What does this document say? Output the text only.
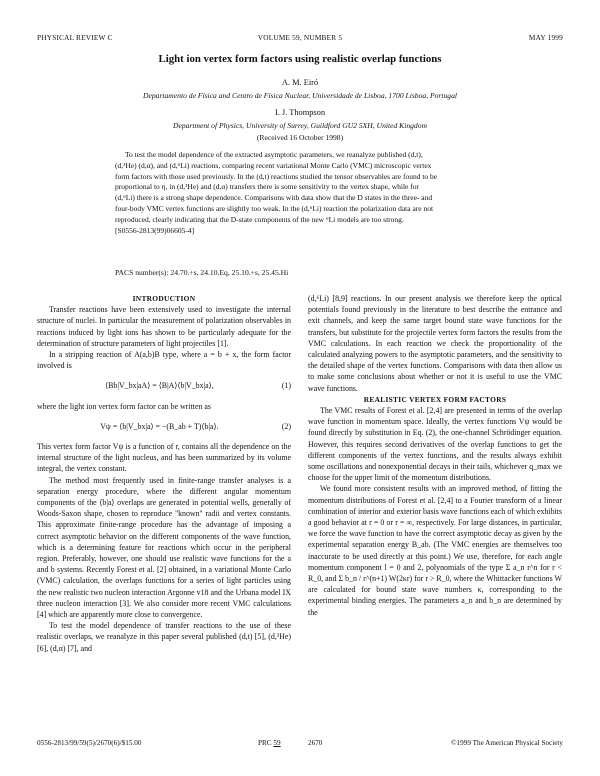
PHYSICAL REVIEW C	VOLUME 59, NUMBER 5	MAY 1999
Light ion vertex form factors using realistic overlap functions
A. M. Eiró
Departamento de Física and Centro de Física Nuclear, Universidade de Lisboa, 1700 Lisboa, Portugal
I. J. Thompson
Department of Physics, University of Surrey, Guildford GU2 5XH, United Kingdom
(Received 16 October 1998)
To test the model dependence of the extracted asymptotic parameters, we reanalyze published (d,t),
(d,³He) (d,α), and (d,⁶Li) reactions, comparing recent variational Monte Carlo (VMC) microscopic vertex
form factors with those used previously. In the (d,t) reactions studied the tensor observables are found to be
proportional to η, in (d,³He) and (d,α) transfers there is some sensitivity to the vertex shape, while for
(d,⁶Li) there is a strong shape dependence. Comparisons with data show that the D states in the three- and
four-body VMC vertex functions are slightly too weak. In the (d,⁶Li) reaction the polarization data are not
reproduced, clearly indicating that the D-state components of the new ⁶Li models are too strong.
[S0556-2813(99)06605-4]
PACS number(s): 24.70.+s, 24.10.Eq, 25.10.+s, 25.45.Hi

INTRODUCTION

Transfer reactions have been extensively used to investigate the internal structure of nuclei. In particular the measurement of polarization observables in reactions induced by light ions has shown to be particularly adequate for the determination of structure parameters of light projectiles [1].

In a stripping reaction of A(a,b)B type, where a = b + x, the form factor involved is

⟨Bb|V_bx|aA⟩ = ⟨B|A⟩⟨b|V_bx|a⟩,	(1)

where the light ion vertex form factor can be written as

Vψ = ⟨b|V_bx|a⟩ = −(B_ab + T)⟨b|a⟩.	(2)

This vertex form factor Vψ is a function of r, contains all the dependence on the internal structure of the light nucleus, and has been summarized by its volume integral, the vertex constant.

The method most frequently used in finite-range transfer analyses is a separation energy procedure, where the different angular momentum components of the ⟨b|a⟩ overlaps are generated in potential wells, generally of Woods-Saxon shape, chosen to reproduce ''known'' radii and vertex constants. This approximate finite-range procedure has the advantage of imposing a correct asymptotic behavior on the different components of the wave function, which is a determining feature for reactions which occur in the peripheral region. Preferably, however, one should use realistic wave functions for the a and b systems. Recently Forest et al. [2] obtained, in a variational Monte Carlo (VMC) calculation, the overlaps functions for a series of light particles using the new realistic two nucleon interaction Argonne v18 and the Urbana model IX three nucleon interaction [3]. We also consider more recent VMC calculations [4] which are apparently more close to convergence.

To test the model dependence of transfer reactions to the use of these realistic overlaps, we reanalyze in this paper several published (d,t) [5], (d,³He) [6], (d,α) [7], and

(d,⁶Li) [8,9] reactions. In our present analysis we therefore keep the optical potentials found previously in the literature to best describe the entrance and exit channels, and keep the same target bound state wave functions for the transfers, but substitute for the projectile vertex form factors the results from the VMC calculations. In each reaction we check the proportionality of the calculated analyzing powers to the asymptotic parameters, and the sensitivity to the detailed shape of the vertex functions. Comparisons with data then allow us to make some conclusions about whether or not it is useful to use the VMC wave functions.

REALISTIC VERTEX FORM FACTORS

The VMC results of Forest et al. [2,4] are presented in terms of the overlap wave function in momentum space. Ideally, the vertex functions Vψ would be found directly by substitution in Eq. (2), the one-channel Schrödinger equation. However, this requires second derivatives of the overlap functions to get the different components of the vertex functions, and the results always exhibit some oscillations and nonexponential decays in their tails, whichever q_max we choose for the upper limit of the momentum distributions.

We found more consistent results with an improved method, of fitting the momentum distributions of Forest et al. [2,4] to a Fourier transform of a linear combination of interior and exterior basis wave functions each of which exhibits a good behavior at r = 0 or r = ∞, respectively. For large distances, in particular, we force the wave function to have the correct asymptotic decay as given by the experimental separation energy B_ab. (The VMC energies are themselves too inaccurate to be used directly at this point.) We use, therefore, for each angle momentum component l = 0 and 2, polynomials of the type Σ a_n r^n for r < R_0, and Σ b_n / r^(n+1) W(2κr) for r > R_0, where the Whittacker functions W are calculated for bound state wave numbers κ, corresponding to the experimental binding energies. The parameters a_n and b_n are determined by the

0556-2813/99/59(5)/2670(6)/$15.00	PRC 59	2670	©1999 The American Physical Society
